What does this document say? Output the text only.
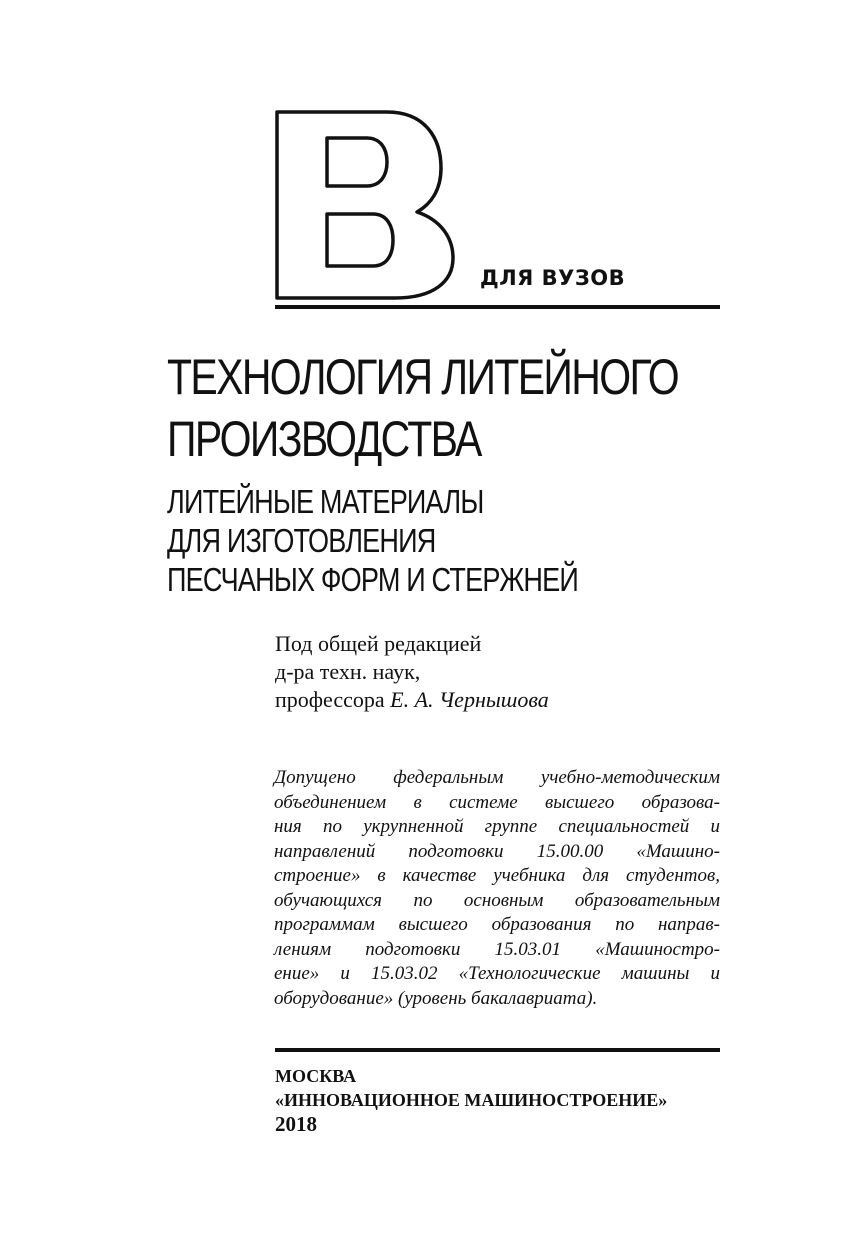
ДЛЯ ВУЗОВ
ТЕХНОЛОГИЯ ЛИТЕЙНОГО
ПРОИЗВОДСТВА
ЛИТЕЙНЫЕ МАТЕРИАЛЫ
ДЛЯ ИЗГОТОВЛЕНИЯ
ПЕСЧАНЫХ ФОРМ И СТЕРЖНЕЙ
Под общей редакцией
д-ра техн. наук,
профессора Е. А. Чернышова
Допущено федеральным учебно-методическим
объединением в системе высшего образова-
ния по укрупненной группе специальностей и
направлений подготовки 15.00.00 «Машино-
строение» в качестве учебника для студентов,
обучающихся по основным образовательным
программам высшего образования по направ-
лениям подготовки 15.03.01 «Машиностро-
ение» и 15.03.02 «Технологические машины и
оборудование» (уровень бакалавриата).
МОСКВА
«ИННОВАЦИОННОЕ МАШИНОСТРОЕНИЕ»
2018
